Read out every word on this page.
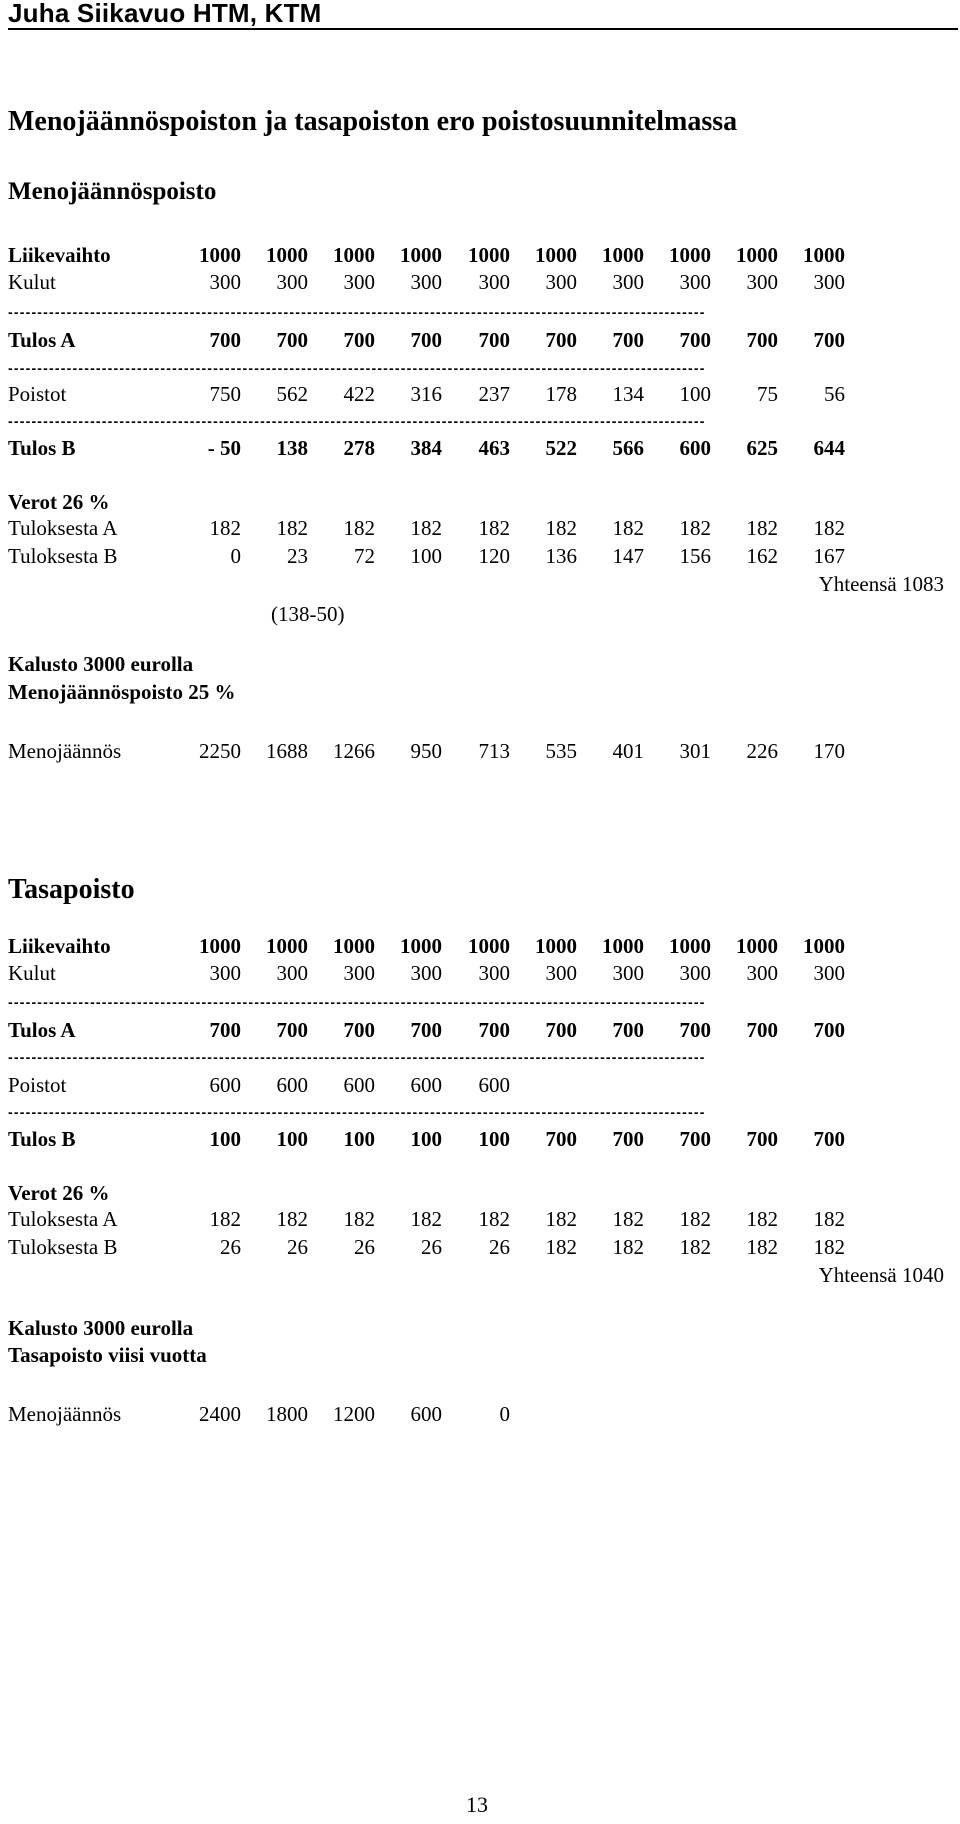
Juha Siikavuo HTM, KTM
Menojäännöspoiston ja tasapoiston ero poistosuunnitelmassa
Menojäännöspoisto
Liikevaihto	1000	1000	1000	1000	1000	1000	1000	1000	1000	1000
Kulut	300	300	300	300	300	300	300	300	300	300
-----------------------------------------------------------------------------------------------------------------------
Tulos A	700	700	700	700	700	700	700	700	700	700
-----------------------------------------------------------------------------------------------------------------------
Poistot	750	562	422	316	237	178	134	100	75	56
-----------------------------------------------------------------------------------------------------------------------
Tulos B	- 50	138	278	384	463	522	566	600	625	644
Verot 26 %
Tuloksesta A	182	182	182	182	182	182	182	182	182	182
Tuloksesta B	0	23	72	100	120	136	147	156	162	167
Yhteensä 1083
(138-50)
Kalusto 3000 eurolla
Menojäännöspoisto 25 %
Menojäännös	2250	1688	1266	950	713	535	401	301	226	170
Tasapoisto
Liikevaihto	1000	1000	1000	1000	1000	1000	1000	1000	1000	1000
Kulut	300	300	300	300	300	300	300	300	300	300
-----------------------------------------------------------------------------------------------------------------------
Tulos A	700	700	700	700	700	700	700	700	700	700
-----------------------------------------------------------------------------------------------------------------------
Poistot	600	600	600	600	600
-----------------------------------------------------------------------------------------------------------------------
Tulos B	100	100	100	100	100	700	700	700	700	700
Verot 26 %
Tuloksesta A	182	182	182	182	182	182	182	182	182	182
Tuloksesta B	26	26	26	26	26	182	182	182	182	182
Yhteensä 1040
Kalusto 3000 eurolla
Tasapoisto viisi vuotta
Menojäännös	2400	1800	1200	600	0
13
